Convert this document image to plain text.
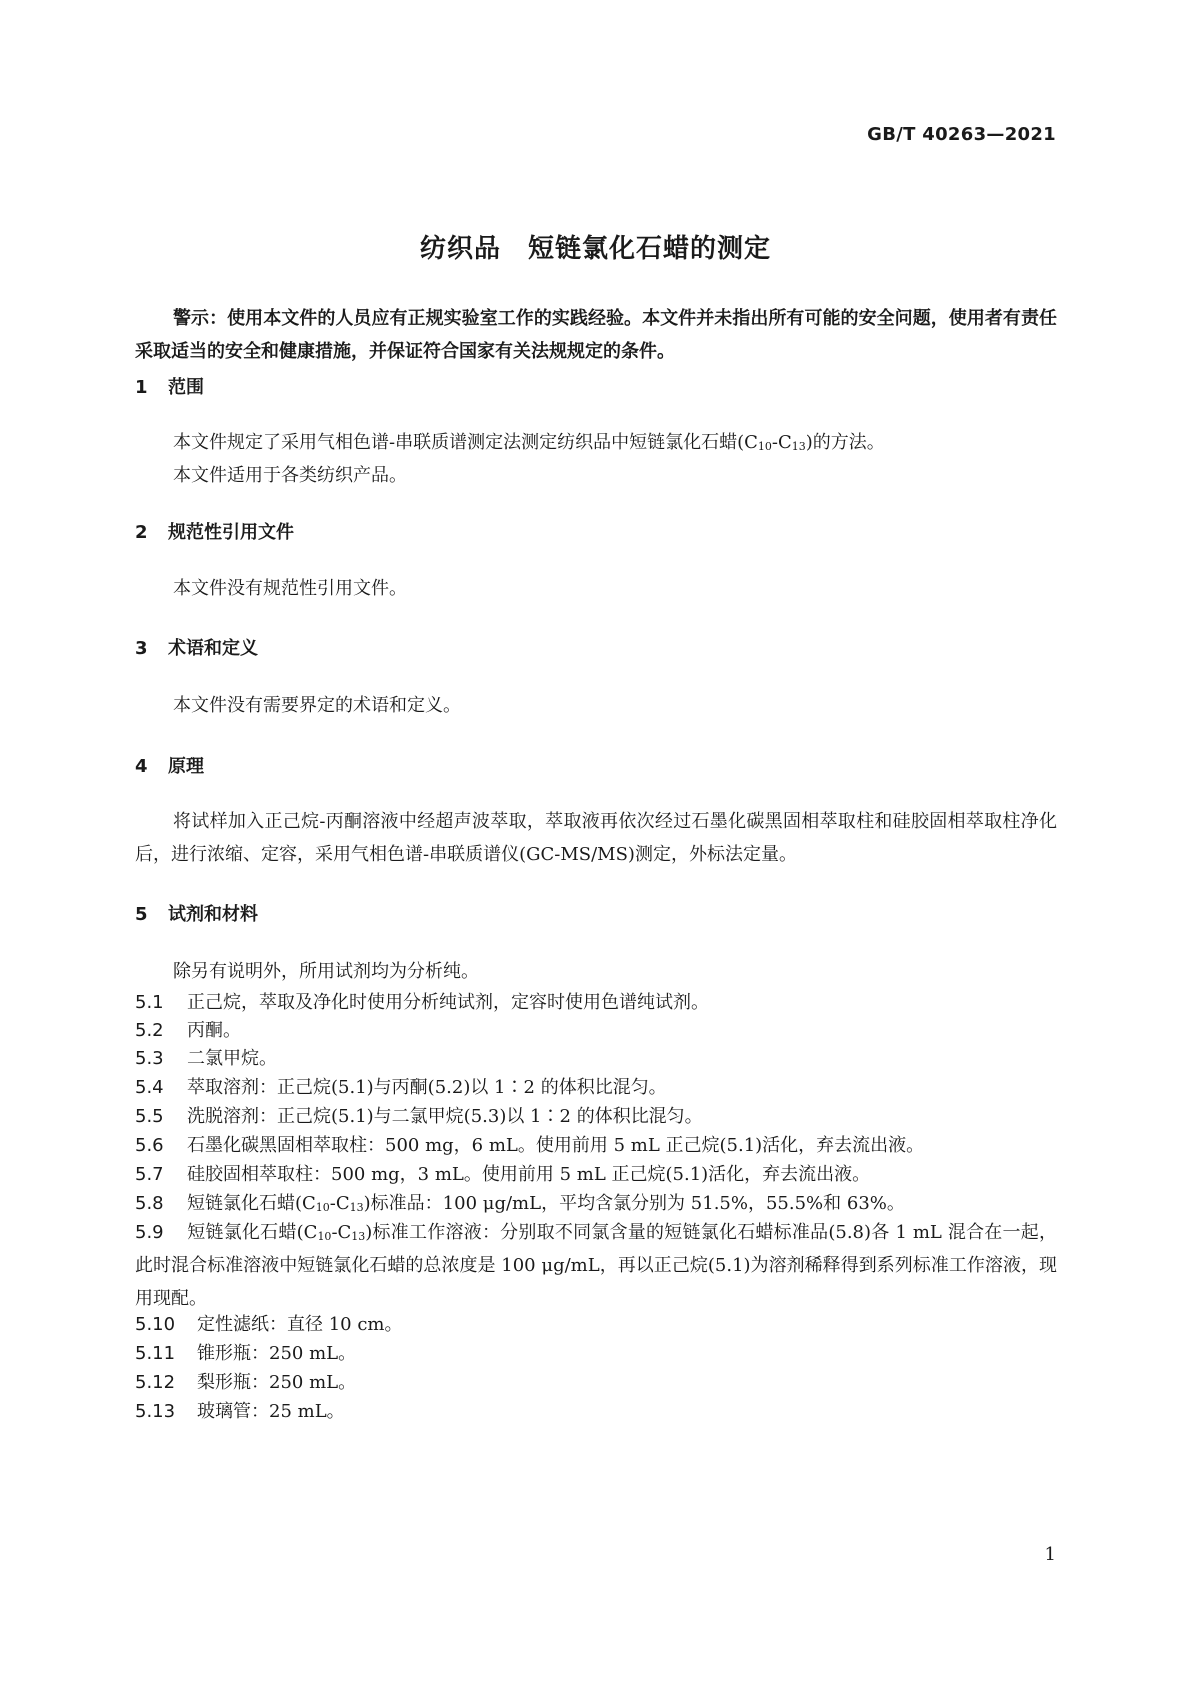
GB/T 40263—2021
纺织品　短链氯化石蜡的测定
警示：使用本文件的人员应有正规实验室工作的实践经验。本文件并未指出所有可能的安全问题，使用者有责任采取适当的安全和健康措施，并保证符合国家有关法规规定的条件。
1 范围
本文件规定了采用气相色谱-串联质谱测定法测定纺织品中短链氯化石蜡$(C_{10}-C_{13})$的方法。
本文件适用于各类纺织产品。
2 规范性引用文件
本文件没有规范性引用文件。
3 术语和定义
本文件没有需要界定的术语和定义。
4 原理
将试样加入正己烷-丙酮溶液中经超声波萃取，萃取液再依次经过石墨化碳黑固相萃取柱和硅胶固相萃取柱净化后，进行浓缩、定容，采用气相色谱-串联质谱仪(GC-MS/MS)测定，外标法定量。
5 试剂和材料
除另有说明外，所用试剂均为分析纯。
5.1 正己烷，萃取及净化时使用分析纯试剂，定容时使用色谱纯试剂。
5.2 丙酮。
5.3 二氯甲烷。
5.4 萃取溶剂：正己烷(5.1)与丙酮(5.2)以 1∶2 的体积比混匀。
5.5 洗脱溶剂：正己烷(5.1)与二氯甲烷(5.3)以 1∶2 的体积比混匀。
5.6 石墨化碳黑固相萃取柱：500 mg，6 mL。使用前用 5 mL 正己烷(5.1)活化，弃去流出液。
5.7 硅胶固相萃取柱：500 mg，3 mL。使用前用 5 mL 正己烷(5.1)活化，弃去流出液。
5.8 短链氯化石蜡$(C_{10}-C_{13})$标准品：100 μg/mL，平均含氯分别为 51.5%，55.5%和 63%。
5.9 短链氯化石蜡$(C_{10}-C_{13})$标准工作溶液：分别取不同氯含量的短链氯化石蜡标准品(5.8)各 1 mL 混合在一起，此时混合标准溶液中短链氯化石蜡的总浓度是 100 μg/mL，再以正己烷(5.1)为溶剂稀释得到系列标准工作溶液，现用现配。
5.10 定性滤纸：直径 10 cm。
5.11 锥形瓶：250 mL。
5.12 梨形瓶：250 mL。
5.13 玻璃管：25 mL。
1
